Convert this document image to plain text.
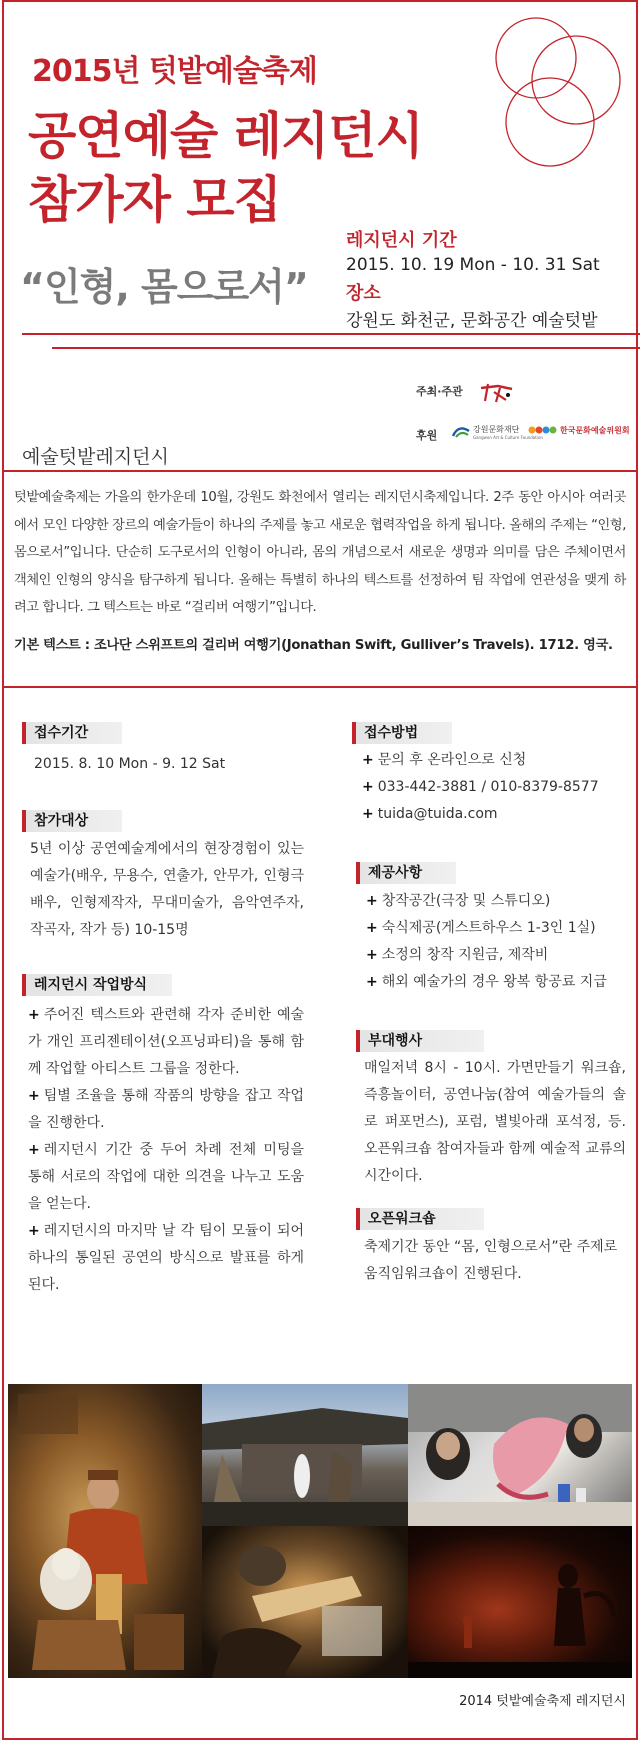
2015년 텃밭예술축제
공연예술 레지던시
참가자 모집
“인형, 몸으로서”
레지던시 기간
2015. 10. 19 Mon - 10. 31 Sat
장소
강원도 화천군, 문화공간 예술텃밭
주최·주관
후원	강원문화재단
Gangwon Art & Culture Foundation
한국문화예술위원회
예술텃밭레지던시
텃밭예술축제는 가을의 한가운데 10월, 강원도 화천에서 열리는 레지던시축제입니다. 2주 동안 아시아 여러곳에서 모인 다양한 장르의 예술가들이 하나의 주제를 놓고 새로운 협력작업을 하게 됩니다. 올해의 주제는 “인형, 몸으로서”입니다. 단순히 도구로서의 인형이 아니라, 몸의 개념으로서 새로운 생명과 의미를 담은 주체이면서 객체인 인형의 양식을 탐구하게 됩니다. 올해는 특별히 하나의 텍스트를 선정하여 팀 작업에 연관성을 맺게 하려고 합니다. 그 텍스트는 바로 “걸리버 여행기”입니다.
기본 텍스트 : 조나단 스위프트의 걸리버 여행기(Jonathan Swift, Gulliver’s Travels). 1712. 영국.
접수기간
2015. 8. 10 Mon - 9. 12 Sat
참가대상
5년 이상 공연예술계에서의 현장경험이 있는 예술가(배우, 무용수, 연출가, 안무가, 인형극배우, 인형제작자, 무대미술가, 음악연주자, 작곡자, 작가 등) 10-15명
레지던시 작업방식
+ 주어진 텍스트와 관련해 각자 준비한 예술가 개인 프리젠테이션(오프닝파티)을 통해 함께 작업할 아티스트 그룹을 정한다.
+ 팀별 조율을 통해 작품의 방향을 잡고 작업을 진행한다.
+ 레지던시 기간 중 두어 차례 전체 미팅을 통해 서로의 작업에 대한 의견을 나누고 도움을 얻는다.
+ 레지던시의 마지막 날 각 팀이 모듈이 되어 하나의 통일된 공연의 방식으로 발표를 하게 된다.
접수방법
+ 문의 후 온라인으로 신청
+ 033-442-3881 / 010-8379-8577
+ tuida@tuida.com
제공사항
+ 창작공간(극장 및 스튜디오)
+ 숙식제공(게스트하우스 1-3인 1실)
+ 소정의 창작 지원금, 제작비
+ 해외 예술가의 경우 왕복 항공료 지급
부대행사
매일저녁 8시 - 10시. 가면만들기 워크숍, 즉흥놀이터, 공연나눔(참여 예술가들의 솔로 퍼포먼스), 포럼, 별빛아래 포석정, 등. 오픈워크숍 참여자들과 함께 예술적 교류의 시간이다.
오픈워크숍
축제기간 동안 “몸, 인형으로서”란 주제로 움직임워크숍이 진행된다.
2014 텃밭예술축제 레지던시
